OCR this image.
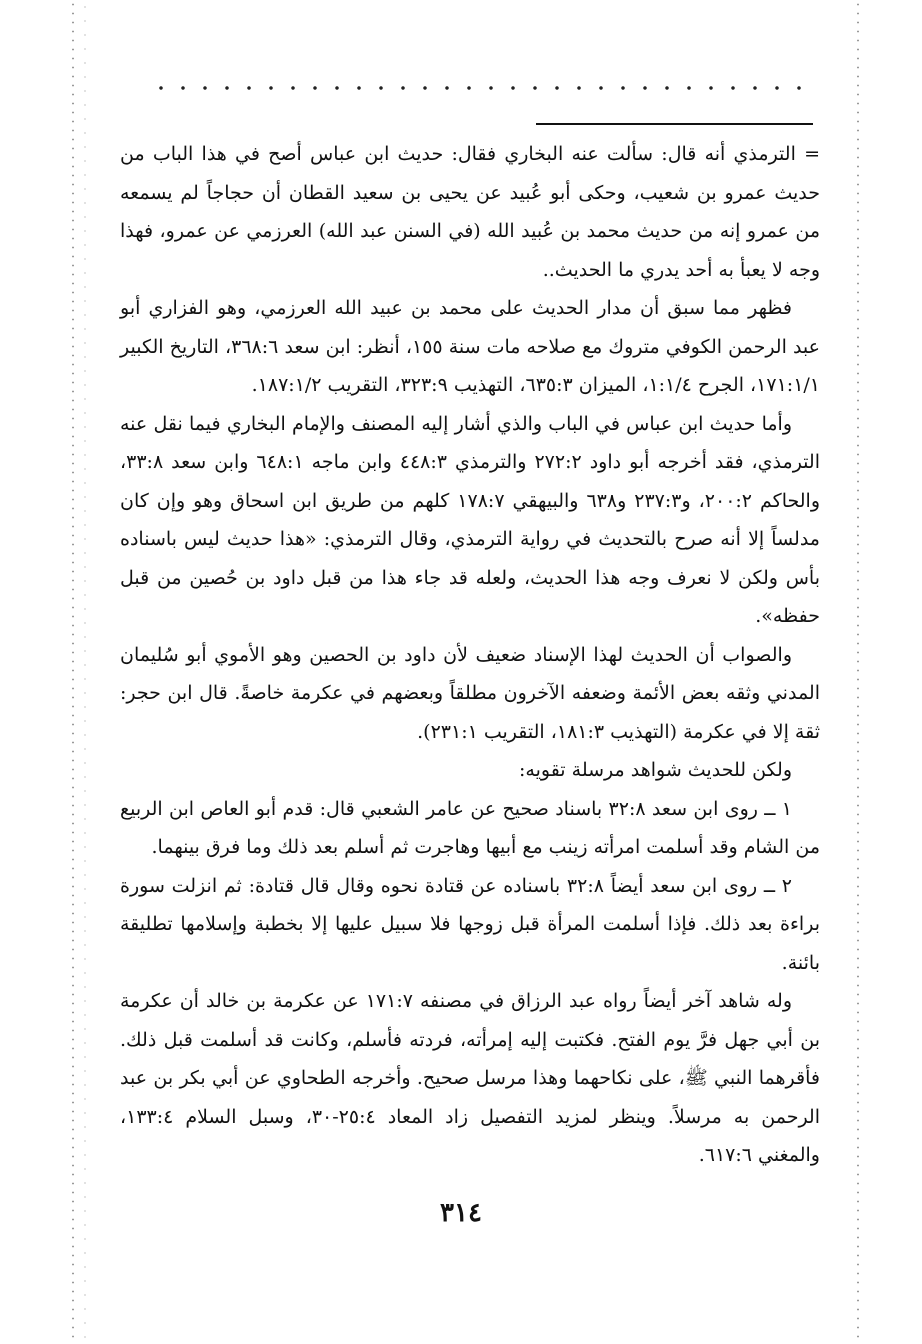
= الترمذي أنه قال: سألت عنه البخاري فقال: حديث ابن عباس أصح في هذا الباب من حديث عمرو بن شعيب، وحكى أبو عُبيد عن يحيى بن سعيد القطان أن حجاجاً لم يسمعه من عمرو إنه من حديث محمد بن عُبيد الله (في السنن عبد الله) العرزمي عن عمرو، فهذا وجه لا يعبأ به أحد يدري ما الحديث..

فظهر مما سبق أن مدار الحديث على محمد بن عبيد الله العرزمي، وهو الفزاري أبو عبد الرحمن الكوفي متروك مع صلاحه مات سنة ١٥٥، أنظر: ابن سعد ٣٦٨:٦، التاريخ الكبير ١٧١:١/١، الجرح ١:١/٤، الميزان ٦٣٥:٣، التهذيب ٣٢٣:٩، التقريب ١٨٧:١/٢.

وأما حديث ابن عباس في الباب والذي أشار إليه المصنف والإمام البخاري فيما نقل عنه الترمذي، فقد أخرجه أبو داود ٢٧٢:٢ والترمذي ٤٤٨:٣ وابن ماجه ٦٤٨:١ وابن سعد ٣٣:٨، والحاكم ٢٠٠:٢، و٢٣٧:٣ و٦٣٨ والبيهقي ١٧٨:٧ كلهم من طريق ابن اسحاق وهو وإن كان مدلساً إلا أنه صرح بالتحديث في رواية الترمذي، وقال الترمذي: «هذا حديث ليس باسناده بأس ولكن لا نعرف وجه هذا الحديث، ولعله قد جاء هذا من قبل داود بن حُصين من قبل حفظه».

والصواب أن الحديث لهذا الإسناد ضعيف لأن داود بن الحصين وهو الأموي أبو سُليمان المدني وثقه بعض الأئمة وضعفه الآخرون مطلقاً وبعضهم في عكرمة خاصةً. قال ابن حجر: ثقة إلا في عكرمة (التهذيب ١٨١:٣، التقريب ٢٣١:١).

ولكن للحديث شواهد مرسلة تقويه:

١ ــ روى ابن سعد ٣٢:٨ باسناد صحيح عن عامر الشعبي قال: قدم أبو العاص ابن الربيع من الشام وقد أسلمت امرأته زينب مع أبيها وهاجرت ثم أسلم بعد ذلك وما فرق بينهما.

٢ ــ روى ابن سعد أيضاً ٣٢:٨ باسناده عن قتادة نحوه وقال قال قتادة: ثم انزلت سورة براءة بعد ذلك. فإذا أسلمت المرأة قبل زوجها فلا سبيل عليها إلا بخطبة وإسلامها تطليقة بائنة.

وله شاهد آخر أيضاً رواه عبد الرزاق في مصنفه ١٧١:٧ عن عكرمة بن خالد أن عكرمة بن أبي جهل فرَّ يوم الفتح. فكتبت إليه إمرأته، فردته فأسلم، وكانت قد أسلمت قبل ذلك. فأقرهما النبي ﷺ، على نكاحهما وهذا مرسل صحيح. وأخرجه الطحاوي عن أبي بكر بن عبد الرحمن به مرسلاً. وينظر لمزيد التفصيل زاد المعاد ٢٥:٤-٣٠، وسبل السلام ١٣٣:٤، والمغني ٦١٧:٦.

٣١٤
